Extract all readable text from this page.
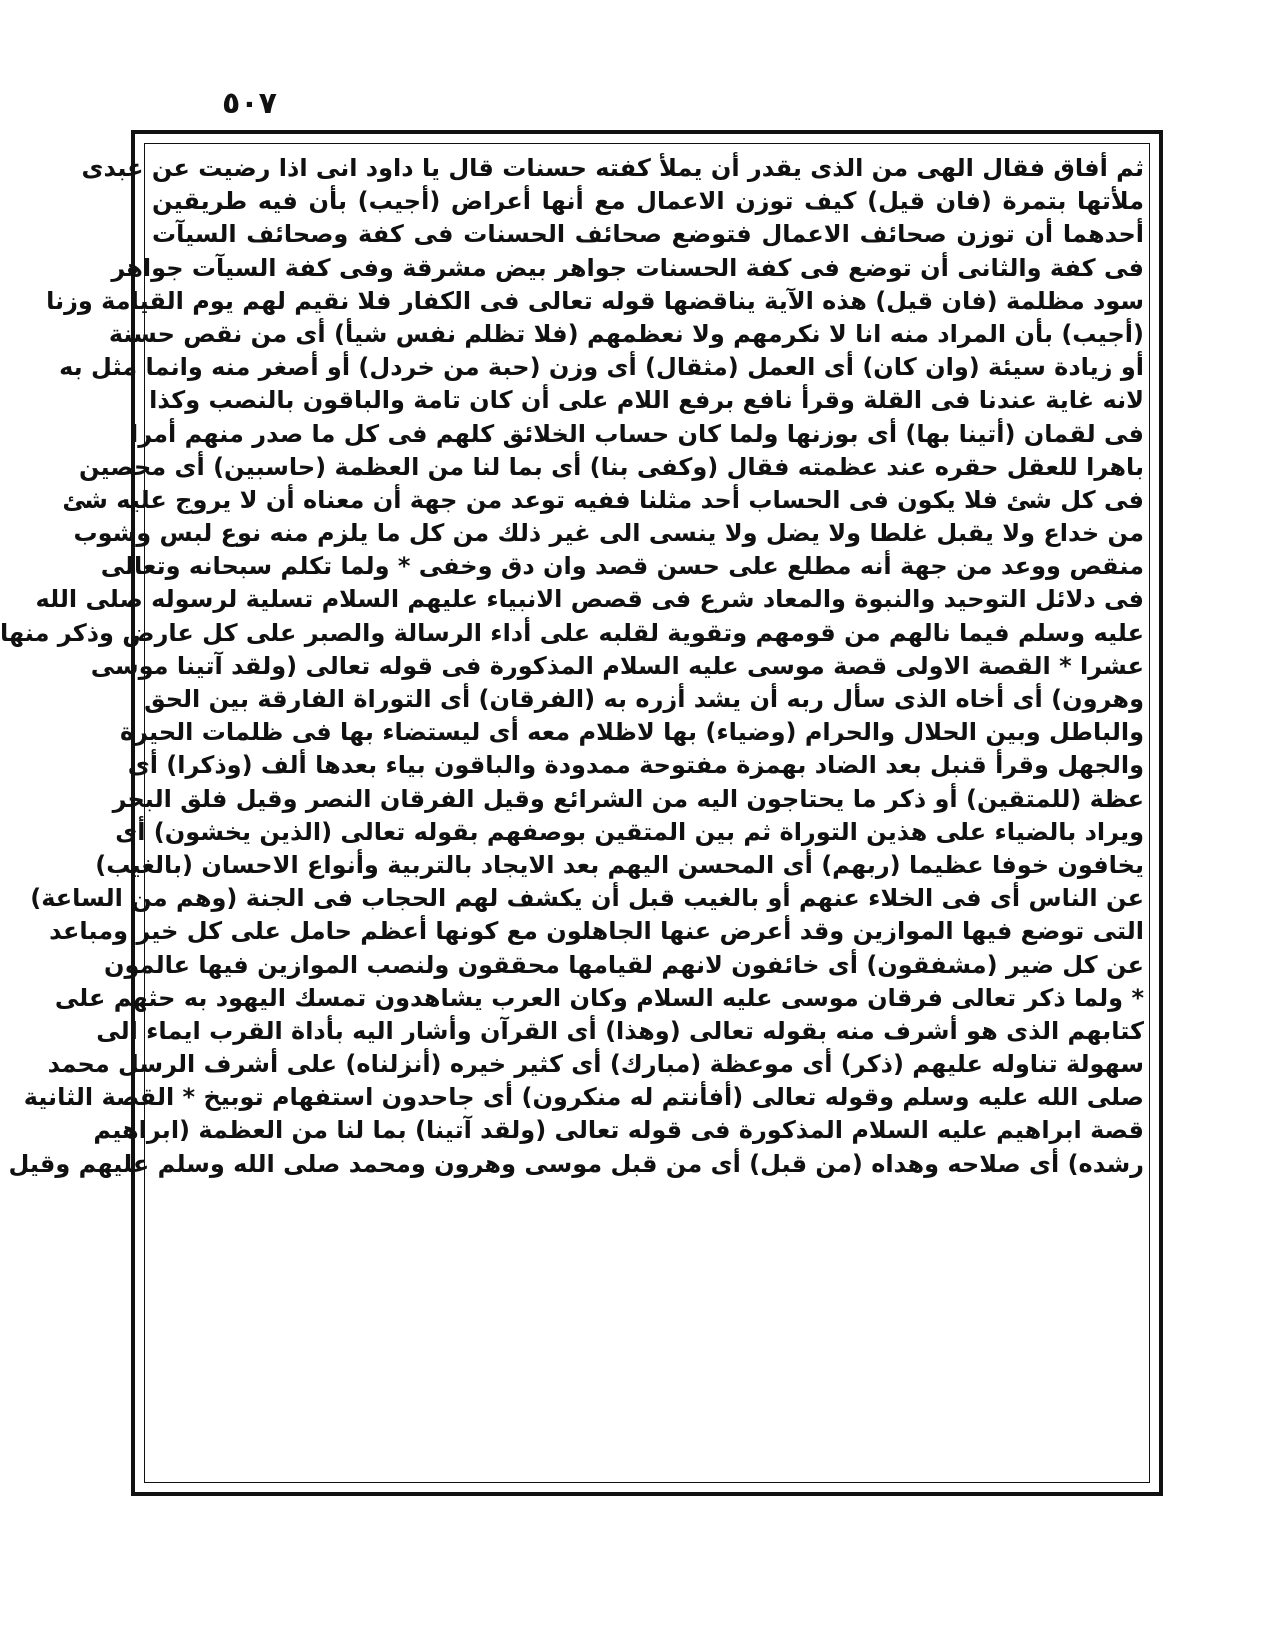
٥٠٧
ثم أفاق فقال الهى من الذى يقدر أن يملأ كفته حسنات قال يا داود انى اذا رضيت عن عبدى
ملأتها بتمرة (فان قيل) كيف توزن الاعمال مع أنها أعراض (أجيب) بأن فيه طريقين
أحدهما أن توزن صحائف الاعمال فتوضع صحائف الحسنات فى كفة وصحائف السيآت
فى كفة والثانى أن توضع فى كفة الحسنات جواهر بيض مشرقة وفى كفة السيآت جواهر
سود مظلمة (فان قيل) هذه الآية يناقضها قوله تعالى فى الكفار فلا نقيم لهم يوم القيامة وزنا
(أجيب) بأن المراد منه انا لا نكرمهم ولا نعظمهم (فلا تظلم نفس شيأ) أى من نقص حسنة
أو زيادة سيئة (وان كان) أى العمل (مثقال) أى وزن (حبة من خردل) أو أصغر منه وانما مثل به
لانه غاية عندنا فى القلة وقرأ نافع برفع اللام على أن كان تامة والباقون بالنصب وكذا
فى لقمان (أتينا بها) أى بوزنها ولما كان حساب الخلائق كلهم فى كل ما صدر منهم أمرا
باهرا للعقل حقره عند عظمته فقال (وكفى بنا) أى بما لنا من العظمة (حاسبين) أى محصين
فى كل شئ فلا يكون فى الحساب أحد مثلنا ففيه توعد من جهة أن معناه أن لا يروج عليه شئ
من خداع ولا يقبل غلطا ولا يضل ولا ينسى الى غير ذلك من كل ما يلزم منه نوع لبس وشوب
منقص ووعد من جهة أنه مطلع على حسن قصد وان دق وخفى * ولما تكلم سبحانه وتعالى
فى دلائل التوحيد والنبوة والمعاد شرع فى قصص الانبياء عليهم السلام تسلية لرسوله صلى الله
عليه وسلم فيما نالهم من قومهم وتقوية لقلبه على أداء الرسالة والصبر على كل عارض وذكر منها
عشرا * القصة الاولى قصة موسى عليه السلام المذكورة فى قوله تعالى (ولقد آتينا موسى
وهرون) أى أخاه الذى سأل ربه أن يشد أزره به (الفرقان) أى التوراة الفارقة بين الحق
والباطل وبين الحلال والحرام (وضياء) بها لاظلام معه أى ليستضاء بها فى ظلمات الحيرة
والجهل وقرأ قنبل بعد الضاد بهمزة مفتوحة ممدودة والباقون بياء بعدها ألف (وذكرا) أى
عظة (للمتقين) أو ذكر ما يحتاجون اليه من الشرائع وقيل الفرقان النصر وقيل فلق البحر
ويراد بالضياء على هذين التوراة ثم بين المتقين بوصفهم بقوله تعالى (الذين يخشون) أى
يخافون خوفا عظيما (ربهم) أى المحسن اليهم بعد الايجاد بالتربية وأنواع الاحسان (بالغيب)
عن الناس أى فى الخلاء عنهم أو بالغيب قبل أن يكشف لهم الحجاب فى الجنة (وهم من الساعة)
التى توضع فيها الموازين وقد أعرض عنها الجاهلون مع كونها أعظم حامل على كل خير ومباعد
عن كل ضير (مشفقون) أى خائفون لانهم لقيامها محققون ولنصب الموازين فيها عالمون
* ولما ذكر تعالى فرقان موسى عليه السلام وكان العرب يشاهدون تمسك اليهود به حثهم على
كتابهم الذى هو أشرف منه بقوله تعالى (وهذا) أى القرآن وأشار اليه بأداة القرب ايماء الى
سهولة تناوله عليهم (ذكر) أى موعظة (مبارك) أى كثير خيره (أنزلناه) على أشرف الرسل محمد
صلى الله عليه وسلم وقوله تعالى (أفأنتم له منكرون) أى جاحدون استفهام توبيخ * القصة الثانية
قصة ابراهيم عليه السلام المذكورة فى قوله تعالى (ولقد آتينا) بما لنا من العظمة (ابراهيم
رشده) أى صلاحه وهداه (من قبل) أى من قبل موسى وهرون ومحمد صلى الله وسلم عليهم وقيل
